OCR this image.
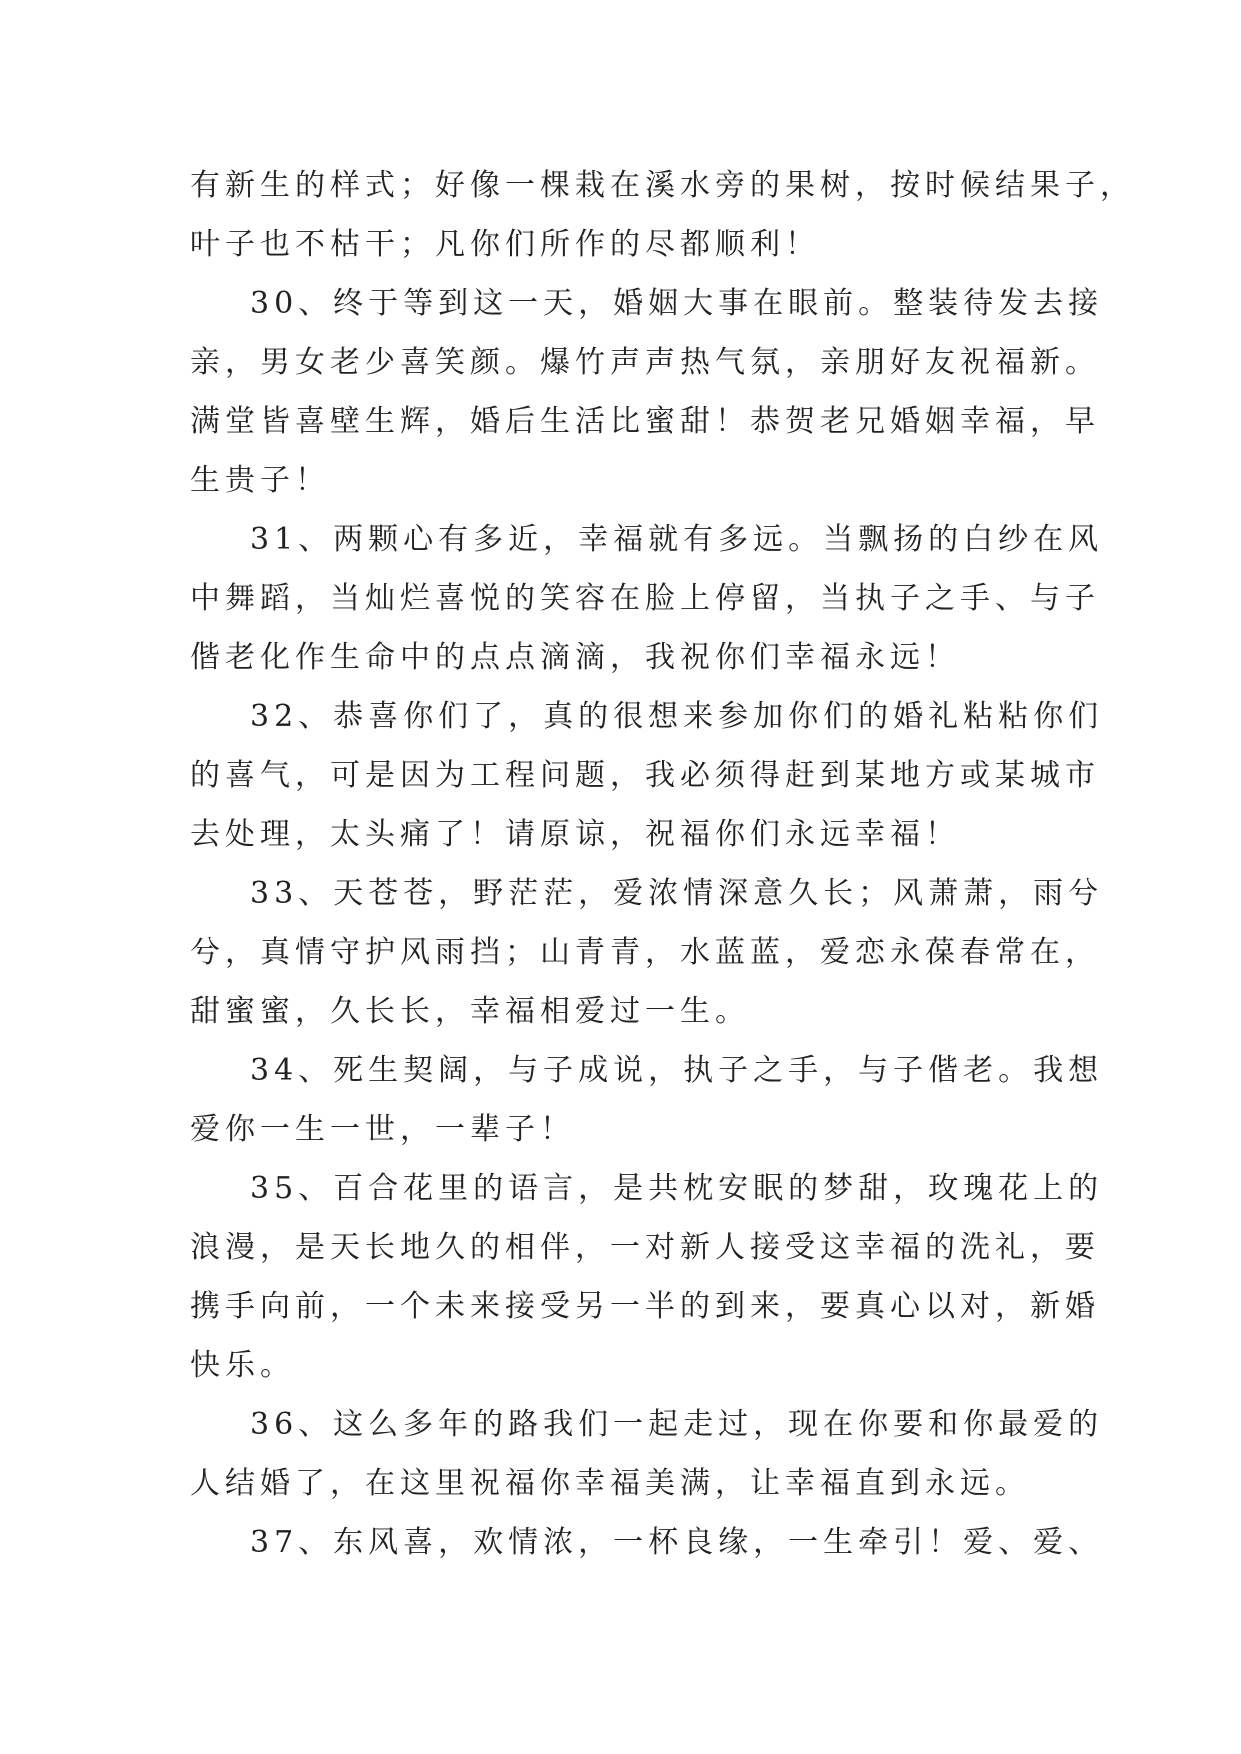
有新生的样式；好像一棵栽在溪水旁的果树，按时候结果子，
叶子也不枯干；凡你们所作的尽都顺利！

30、终于等到这一天，婚姻大事在眼前。整装待发去接
亲，男女老少喜笑颜。爆竹声声热气氛，亲朋好友祝福新。
满堂皆喜壁生辉，婚后生活比蜜甜！恭贺老兄婚姻幸福，早
生贵子！

31、两颗心有多近，幸福就有多远。当飘扬的白纱在风
中舞蹈，当灿烂喜悦的笑容在脸上停留，当执子之手、与子
偕老化作生命中的点点滴滴，我祝你们幸福永远！

32、恭喜你们了，真的很想来参加你们的婚礼粘粘你们
的喜气，可是因为工程问题，我必须得赶到某地方或某城市
去处理，太头痛了！请原谅，祝福你们永远幸福！

33、天苍苍，野茫茫，爱浓情深意久长；风萧萧，雨兮
兮，真情守护风雨挡；山青青，水蓝蓝，爱恋永葆春常在，
甜蜜蜜，久长长，幸福相爱过一生。

34、死生契阔，与子成说，执子之手，与子偕老。我想
爱你一生一世，一辈子！

35、百合花里的语言，是共枕安眠的梦甜，玫瑰花上的
浪漫，是天长地久的相伴，一对新人接受这幸福的洗礼，要
携手向前，一个未来接受另一半的到来，要真心以对，新婚
快乐。

36、这么多年的路我们一起走过，现在你要和你最爱的
人结婚了，在这里祝福你幸福美满，让幸福直到永远。

37、东风喜，欢情浓，一杯良缘，一生牵引！爱、爱、
